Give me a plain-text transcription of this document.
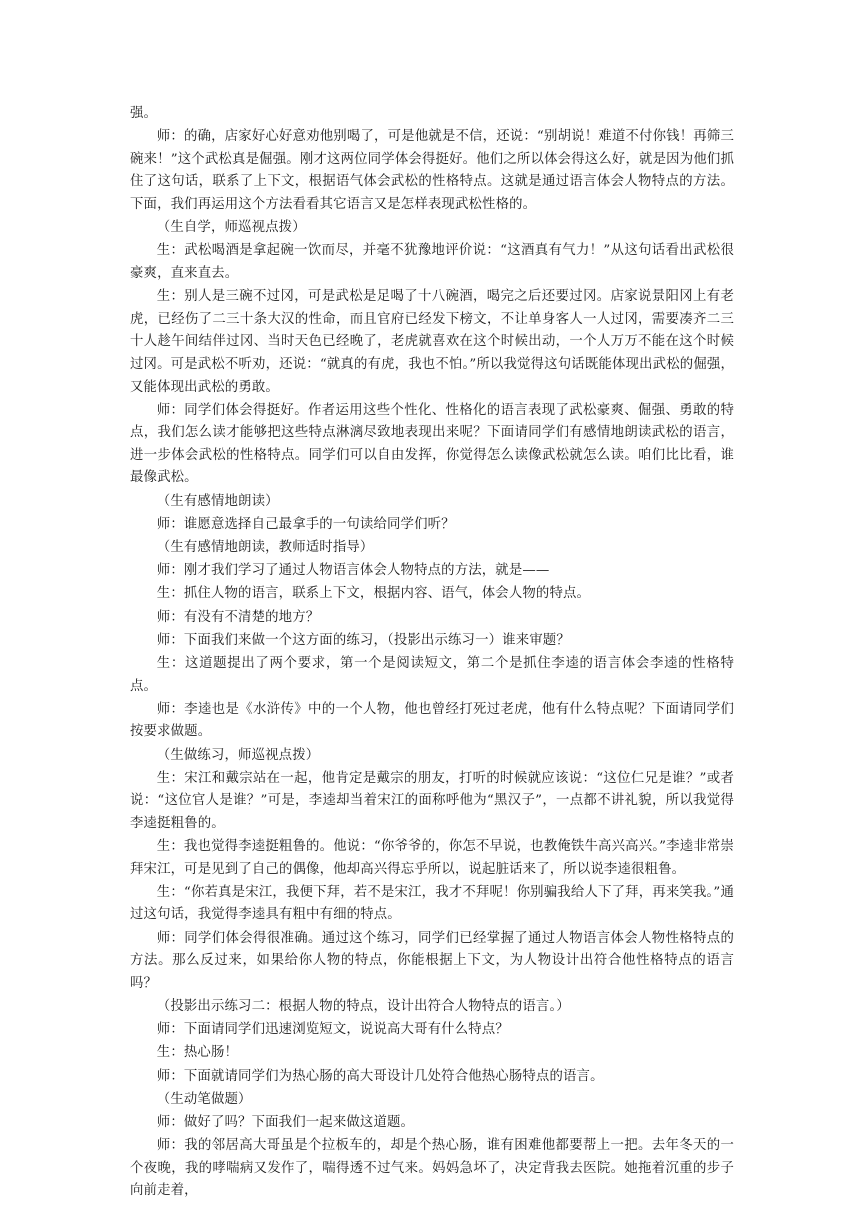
强。

师：的确，店家好心好意劝他别喝了，可是他就是不信，还说：“别胡说！难道不付你钱！再筛三碗来！”这个武松真是倔强。刚才这两位同学体会得挺好。他们之所以体会得这么好，就是因为他们抓住了这句话，联系了上下文，根据语气体会武松的性格特点。这就是通过语言体会人物特点的方法。下面，我们再运用这个方法看看其它语言又是怎样表现武松性格的。

（生自学，师巡视点拨）

生：武松喝酒是拿起碗一饮而尽，并毫不犹豫地评价说：“这酒真有气力！”从这句话看出武松很豪爽，直来直去。

生：别人是三碗不过冈，可是武松是足喝了十八碗酒，喝完之后还要过冈。店家说景阳冈上有老虎，已经伤了二三十条大汉的性命，而且官府已经发下榜文，不让单身客人一人过冈，需要凑齐二三十人趁午间结伴过冈、当时天色已经晚了，老虎就喜欢在这个时候出动，一个人万万不能在这个时候过冈。可是武松不听劝，还说：“就真的有虎，我也不怕。”所以我觉得这句话既能体现出武松的倔强，又能体现出武松的勇敢。

师：同学们体会得挺好。作者运用这些个性化、性格化的语言表现了武松豪爽、倔强、勇敢的特点，我们怎么读才能够把这些特点淋漓尽致地表现出来呢？下面请同学们有感情地朗读武松的语言，进一步体会武松的性格特点。同学们可以自由发挥，你觉得怎么读像武松就怎么读。咱们比比看，谁最像武松。

（生有感情地朗读）

师：谁愿意选择自己最拿手的一句读给同学们听？

（生有感情地朗读，教师适时指导）

师：刚才我们学习了通过人物语言体会人物特点的方法，就是——

生：抓住人物的语言，联系上下文，根据内容、语气，体会人物的特点。

师：有没有不清楚的地方？

师：下面我们来做一个这方面的练习，（投影出示练习一）谁来审题？

生：这道题提出了两个要求，第一个是阅读短文，第二个是抓住李逵的语言体会李逵的性格特点。

师：李逵也是《水浒传》中的一个人物，他也曾经打死过老虎，他有什么特点呢？下面请同学们按要求做题。

（生做练习，师巡视点拨）

生：宋江和戴宗站在一起，他肯定是戴宗的朋友，打听的时候就应该说：“这位仁兄是谁？”或者说：“这位官人是谁？”可是，李逵却当着宋江的面称呼他为“黑汉子”，一点都不讲礼貌，所以我觉得李逵挺粗鲁的。

生：我也觉得李逵挺粗鲁的。他说：“你爷爷的，你怎不早说，也教俺铁牛高兴高兴。”李逵非常崇拜宋江，可是见到了自己的偶像，他却高兴得忘乎所以，说起脏话来了，所以说李逵很粗鲁。

生：“你若真是宋江，我便下拜，若不是宋江，我才不拜呢！你别骗我给人下了拜，再来笑我。”通过这句话，我觉得李逵具有粗中有细的特点。

师：同学们体会得很准确。通过这个练习，同学们已经掌握了通过人物语言体会人物性格特点的方法。那么反过来，如果给你人物的特点，你能根据上下文，为人物设计出符合他性格特点的语言吗？

（投影出示练习二：根据人物的特点，设计出符合人物特点的语言。）

师：下面请同学们迅速浏览短文，说说高大哥有什么特点？

生：热心肠！

师：下面就请同学们为热心肠的高大哥设计几处符合他热心肠特点的语言。

（生动笔做题）

师：做好了吗？下面我们一起来做这道题。

师：我的邻居高大哥虽是个拉板车的，却是个热心肠，谁有困难他都要帮上一把。去年冬天的一个夜晚，我的哮喘病又发作了，喘得透不过气来。妈妈急坏了，决定背我去医院。她拖着沉重的步子向前走着，
